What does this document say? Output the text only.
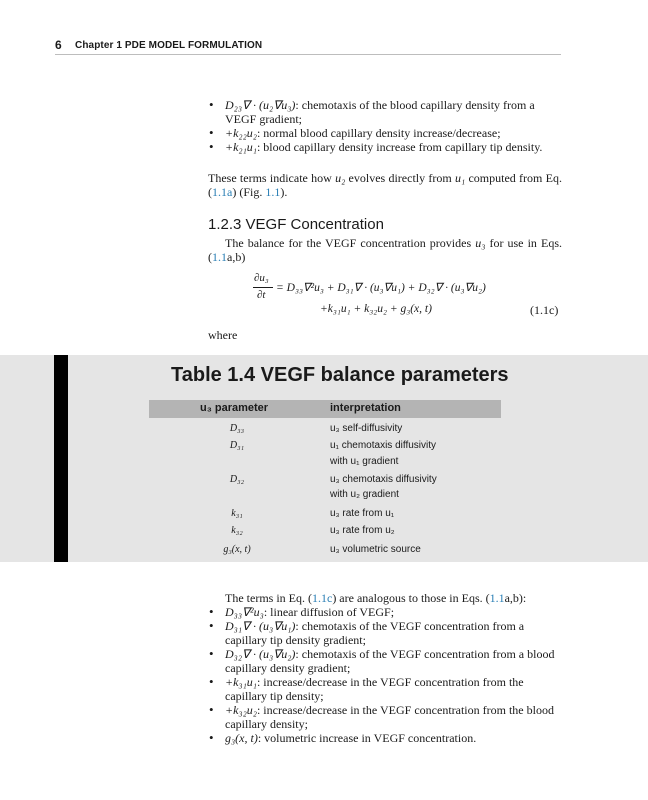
6 Chapter 1 PDE MODEL FORMULATION
• D₂₃∇ · (u₂∇u₃): chemotaxis of the blood capillary density from a VEGF gradient;
• +k₂₂u₂: normal blood capillary density increase/decrease;
• +k₂₁u₁: blood capillary density increase from capillary tip density.

These terms indicate how u₂ evolves directly from u₁ computed from Eq. (1.1a) (Fig. 1.1).

1.2.3 VEGF Concentration

The balance for the VEGF concentration provides u₃ for use in Eqs. (1.1a,b)

∂u₃
∂t
= D₃₃∇²u₃ + D₃₁∇ · (u₃∇u₁) + D₃₂∇ · (u₃∇u₂)
+k₃₁u₁ + k₃₂u₂ + g₃(x, t)	(1.1c)
where
Table 1.4 VEGF balance parameters
u₃ parameter	interpretation
D₃₃	u₃ self-diffusivity
D₃₁	u₁ chemotaxis diffusivity
with u₁ gradient
D₃₂	u₃ chemotaxis diffusivity
with u₂ gradient
k₃₁	u₃ rate from u₁
k₃₂	u₃ rate from u₂
g₃(x, t)	u₃ volumetric source

The terms in Eq. (1.1c) are analogous to those in Eqs. (1.1a,b):

• D₃₃∇²u₃: linear diffusion of VEGF;
• D₃₁∇ · (u₃∇u₁): chemotaxis of the VEGF concentration from a capillary tip density gradient;
• D₃₂∇ · (u₃∇u₂): chemotaxis of the VEGF concentration from a blood capillary density gradient;
• +k₃₁u₁: increase/decrease in the VEGF concentration from the capillary tip density;
• +k₃₂u₂: increase/decrease in the VEGF concentration from the blood capillary density;
• g₃(x, t): volumetric increase in VEGF concentration.
